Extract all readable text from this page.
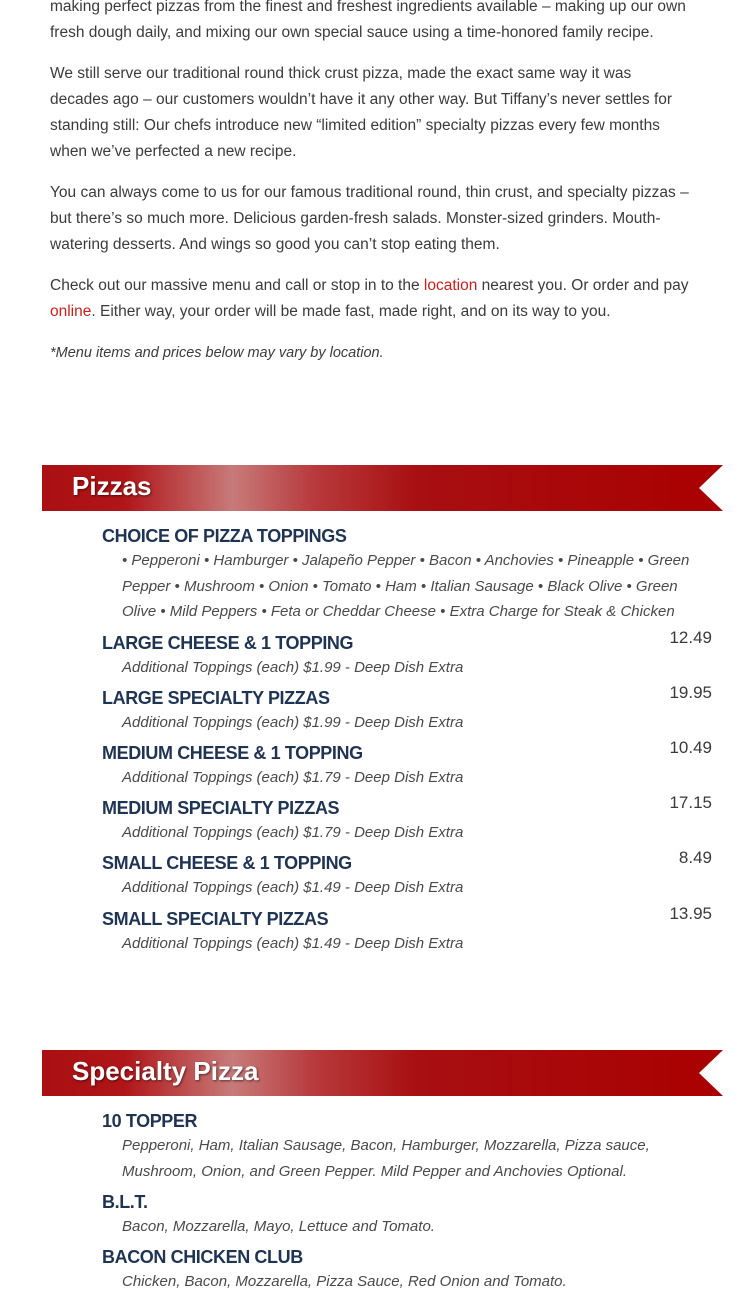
making perfect pizzas from the finest and freshest ingredients available – making up our own fresh dough daily, and mixing our own special sauce using a time-honored family recipe.

We still serve our traditional round thick crust pizza, made the exact same way it was decades ago – our customers wouldn’t have it any other way. But Tiffany’s never settles for standing still: Our chefs introduce new “limited edition” specialty pizzas every few months when we’ve perfected a new recipe.

You can always come to us for our famous traditional round, thin crust, and specialty pizzas – but there’s so much more. Delicious garden-fresh salads. Monster-sized grinders. Mouth-watering desserts. And wings so good you can’t stop eating them.

Check out our massive menu and call or stop in to the location nearest you. Or order and pay online. Either way, your order will be made fast, made right, and on its way to you.

*Menu items and prices below may vary by location.

Pizzas
CHOICE OF PIZZA TOPPINGS
• Pepperoni • Hamburger • Jalapeño Pepper • Bacon • Anchovies • Pineapple • Green Pepper • Mushroom • Onion • Tomato • Ham • Italian Sausage • Black Olive • Green Olive • Mild Peppers • Feta or Cheddar Cheese • Extra Charge for Steak & Chicken
LARGE CHEESE & 1 TOPPING	12.49
Additional Toppings (each) $1.99 - Deep Dish Extra
LARGE SPECIALTY PIZZAS	19.95
Additional Toppings (each) $1.99 - Deep Dish Extra
MEDIUM CHEESE & 1 TOPPING	10.49
Additional Toppings (each) $1.79 - Deep Dish Extra
MEDIUM SPECIALTY PIZZAS	17.15
Additional Toppings (each) $1.79 - Deep Dish Extra
SMALL CHEESE & 1 TOPPING	8.49
Additional Toppings (each) $1.49 - Deep Dish Extra
SMALL SPECIALTY PIZZAS	13.95
Additional Toppings (each) $1.49 - Deep Dish Extra
Specialty Pizza
10 TOPPER
Pepperoni, Ham, Italian Sausage, Bacon, Hamburger, Mozzarella, Pizza sauce, Mushroom, Onion, and Green Pepper. Mild Pepper and Anchovies Optional.
B.L.T.
Bacon, Mozzarella, Mayo, Lettuce and Tomato.
BACON CHICKEN CLUB
Chicken, Bacon, Mozzarella, Pizza Sauce, Red Onion and Tomato.
